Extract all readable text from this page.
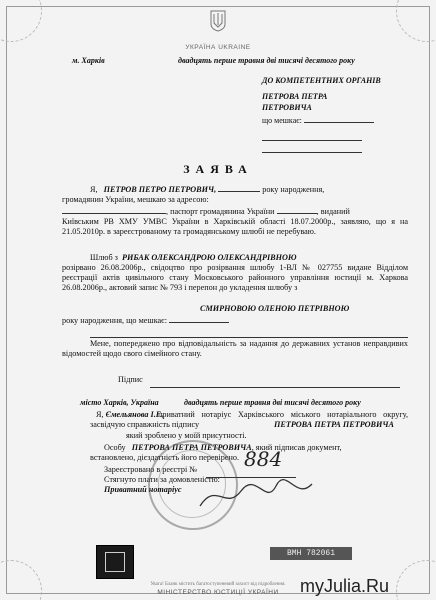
УКРАЇНА UKRAINE
м. Харків	двадцять перше травня дві тисячі десятого року
ДО КОМПЕТЕНТНИХ ОРГАНІВ
ПЕТРОВА ПЕТРА
ПЕТРОВИЧА
що мешкає:
ЗАЯВА
Я, ПЕТРОВ ПЕТРО ПЕТРОВИЧ,	року народження,
громадянин України, мешкаю за адресою:
, паспорт громадянина України	, виданий
Київським РВ ХМУ УМВС України в Харківській області 18.07.2000р., заявляю, що я на 21.05.2010р. в зареєстрованому та громадянському шлюбі не перебуваю.
Шлюб з РИБАК ОЛЕКСАНДРОЮ ОЛЕКСАНДРІВНОЮ
розірвано 26.08.2006р., свідоцтво про розірвання шлюбу 1-ВЛ № 027755 видане Відділом реєстрації актів цивільного стану Московського районного управління юстиції м. Харкова 26.08.2006р., актовий запис № 793 і перепон до укладення шлюбу з
СМИРНОВОЮ ОЛЕНОЮ ПЕТРІВНОЮ
року народження, що мешкає:
Мене, попереджено про відповідальність за надання до державних установ неправдивих відомостей щодо свого сімейного стану.
Підпис
місто Харків, Україна	двадцять перше травня дві тисячі десятого року
Я, Ємельянова І.Г.,
приватний нотаріус Харківського міського нотаріального округу, засвідчую справжність підпису	ПЕТРОВА ПЕТРА ПЕТРОВИЧА
який зроблено у моїй присутності.
Особу ПЕТРОВА ПЕТРА ПЕТРОВИЧА, який підписав документ,
встановлено, дієздатність його перевірено.
Зареєстровано в реєстрі № 884
Стягнуто плати за домовленістю:
Приватний нотаріус
ВМН 782061
Увага! Бланк містить багатоступеневий захист від підроблення.
МІНІСТЕРСТВО ЮСТИЦІЇ УКРАЇНИ	myJulia.Ru
